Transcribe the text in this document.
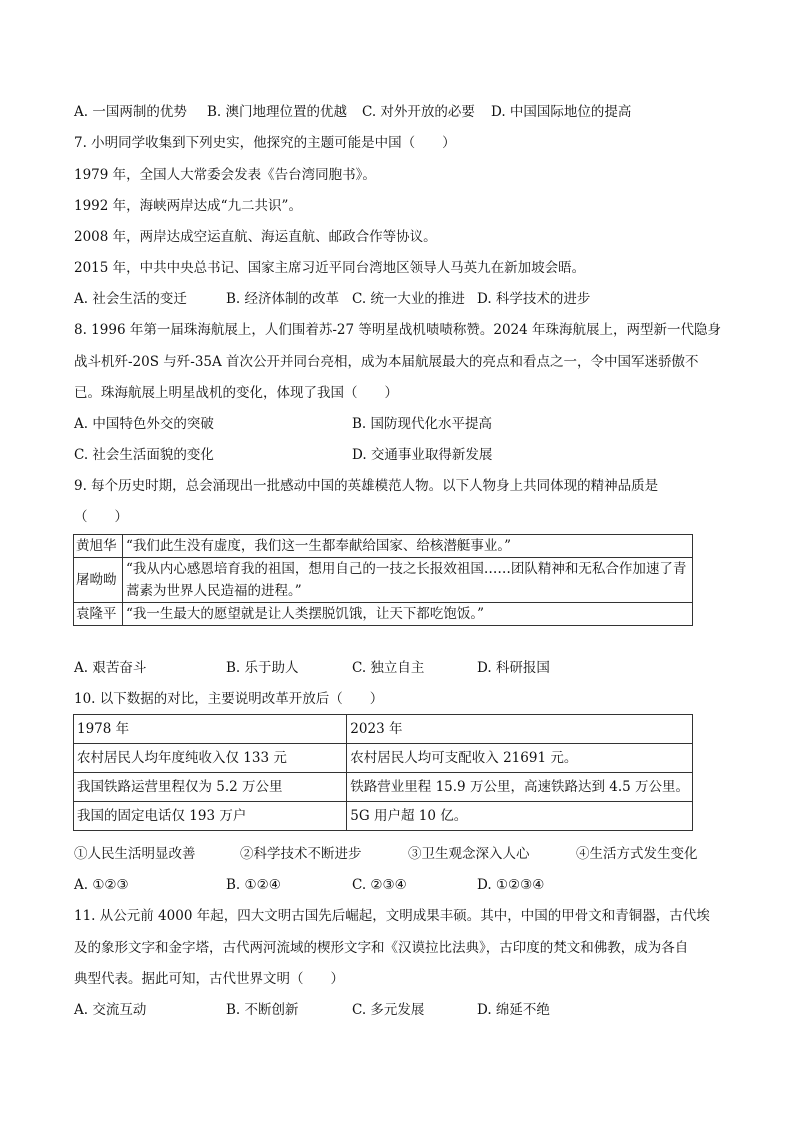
A. 一国两制的优势 B. 澳门地理位置的优越 C. 对外开放的必要 D. 中国国际地位的提高
7. 小明同学收集到下列史实，他探究的主题可能是中国（　　）
1979 年，全国人大常委会发表《告台湾同胞书》。
1992 年，海峡两岸达成“九二共识”。
2008 年，两岸达成空运直航、海运直航、邮政合作等协议。
2015 年，中共中央总书记、国家主席习近平同台湾地区领导人马英九在新加坡会晤。
A. 社会生活的变迁	B. 经济体制的改革 C. 统一大业的推进 D. 科学技术的进步
8. 1996 年第一届珠海航展上，人们围着苏-27 等明星战机啧啧称赞。2024 年珠海航展上，两型新一代隐身
战斗机歼-20S 与歼-35A 首次公开并同台亮相，成为本届航展最大的亮点和看点之一，令中国军迷骄傲不
已。珠海航展上明星战机的变化，体现了我国（　　）
A. 中国特色外交的突破	B. 国防现代化水平提高
C. 社会生活面貌的变化	D. 交通事业取得新发展
9. 每个历史时期，总会涌现出一批感动中国的英雄模范人物。以下人物身上共同体现的精神品质是
（　　）
黄旭华	“我们此生没有虚度，我们这一生都奉献给国家、给核潜艇事业。”
屠呦呦	“我从内心感恩培育我的祖国，想用自己的一技之长报效祖国……团队精神和无私合作加速了青蒿素为世界人民造福的进程。”
袁隆平	“我一生最大的愿望就是让人类摆脱饥饿，让天下都吃饱饭。”
A. 艰苦奋斗	B. 乐于助人	C. 独立自主	D. 科研报国
10. 以下数据的对比，主要说明改革开放后（　　）
1978 年	2023 年
农村居民人均年度纯收入仅 133 元	农村居民人均可支配收入 21691 元。
我国铁路运营里程仅为 5.2 万公里	铁路营业里程 15.9 万公里，高速铁路达到 4.5 万公里。
我国的固定电话仅 193 万户	5G 用户超 10 亿。
①人民生活明显改善	②科学技术不断进步	③卫生观念深入人心	④生活方式发生变化
A. ①②③	B. ①②④	C. ②③④	D. ①②③④
11. 从公元前 4000 年起，四大文明古国先后崛起，文明成果丰硕。其中，中国的甲骨文和青铜器，古代埃
及的象形文字和金字塔，古代两河流域的楔形文字和《汉谟拉比法典》，古印度的梵文和佛教，成为各自
典型代表。据此可知，古代世界文明（　　）
A. 交流互动	B. 不断创新	C. 多元发展	D. 绵延不绝
